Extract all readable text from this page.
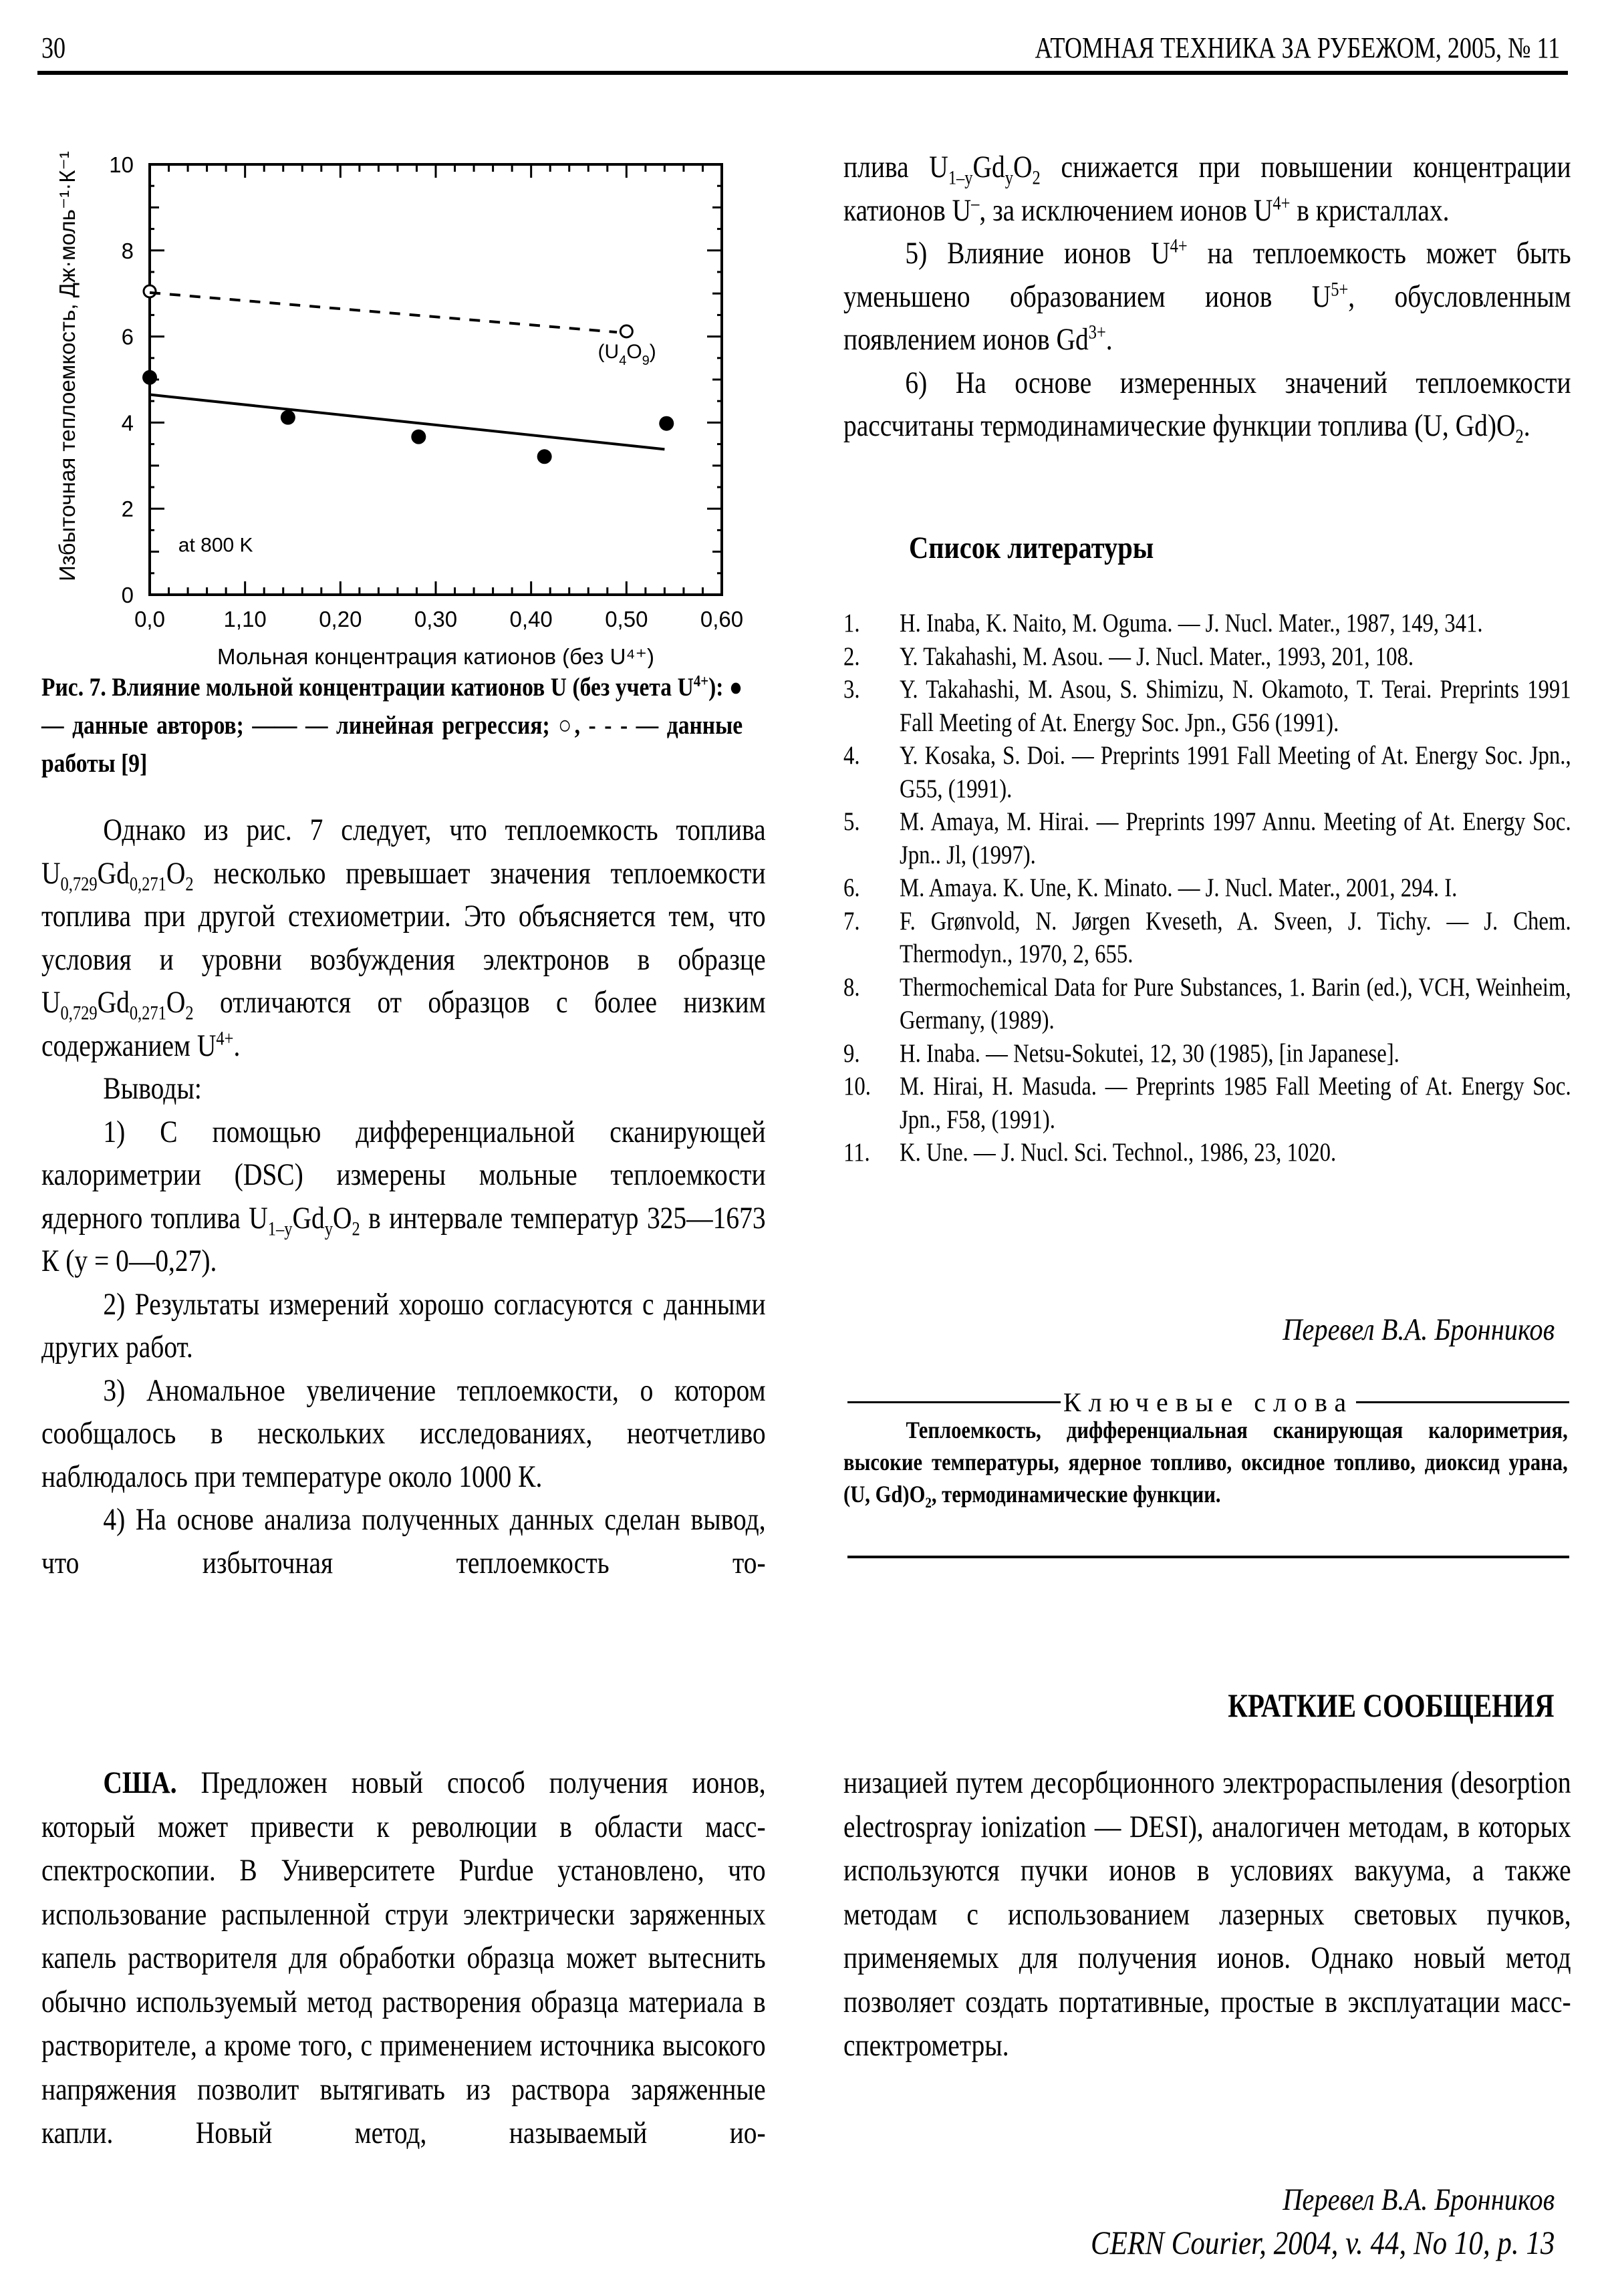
30	АТОМНАЯ ТЕХНИКА ЗА РУБЕЖОМ, 2005, № 11
0,0	1,10 0,20 0,30 0,40 0,50 0,60
0
2
4
6
8
10
Мольная концентрация катионов (без U⁴⁺)
Избыточная теплоемкость, Дж·моль⁻¹·К⁻¹	at 800 K
$(U_4O_9)$
Рис. 7. Влияние мольной концентрации катионов U (без учета $U^{4+}$): ● — данные авторов; —— — линейная регрессия; ○, - - - — данные работы [9]

Однако из рис. 7 следует, что теплоемкость топлива $U_{0,729}Gd_{0,271}O_2$ несколько превышает значения теплоемкости топлива при другой стехиометрии. Это объясняется тем, что условия и уровни возбуждения электронов в образце $U_{0,729}Gd_{0,271}O_2$ отличаются от образцов с более низким содержанием $U^{4+}$.

Выводы:

1) С помощью дифференциальной сканирующей калориметрии (DSC) измерены мольные теплоемкости ядерного топлива $U_{1-y}Gd_yO_2$ в интервале температур 325—1673 К (y = 0—0,27).

2) Результаты измерений хорошо согласуются с данными других работ.

3) Аномальное увеличение теплоемкости, о котором сообщалось в нескольких исследованиях, неотчетливо наблюдалось при температуре около 1000 К.

4) На основе анализа полученных данных сделан вывод, что избыточная теплоемкость то-

плива $U_{1-y}Gd_yO_2$ снижается при повышении концентрации катионов U–, за исключением ионов $U^{4+}$ в кристаллах.

5) Влияние ионов $U^{4+}$ на теплоемкость может быть уменьшено образованием ионов $U^{5+}$, обусловленным появлением ионов $Gd^{3+}$.

6) На основе измеренных значений теплоемкости рассчитаны термодинамические функции топлива (U, $Gd)O_2$.

Список литературы
1. H. Inaba, K. Naito, M. Oguma. — J. Nucl. Mater., 1987, 149, 341.
2. Y. Takahashi, M. Asou. — J. Nucl. Mater., 1993, 201, 108.
3. Y. Takahashi, M. Asou, S. Shimizu, N. Okamoto, T. Terai. Preprints 1991 Fall Meeting of At. Energy Soc. Jpn., G56 (1991).
4. Y. Kosaka, S. Doi. — Preprints 1991 Fall Meeting of At. Energy Soc. Jpn., G55, (1991).
5. M. Amaya, M. Hirai. — Preprints 1997 Annu. Meeting of At. Energy Soc. Jpn.. Jl, (1997).
6. M. Amaya. K. Une, K. Minato. — J. Nucl. Mater., 2001, 294. I.
7. F. Grønvold, N. Jørgen Kveseth, A. Sveen, J. Tichy. — J. Chem. Thermodyn., 1970, 2, 655.
8. Thermochemical Data for Pure Substances, 1. Barin (ed.), VCH, Weinheim, Germany, (1989).
9. H. Inaba. — Netsu-Sokutei, 12, 30 (1985), [in Japanese].
10. M. Hirai, H. Masuda. — Preprints 1985 Fall Meeting of At. Energy Soc. Jpn., F58, (1991).
11. K. Une. — J. Nucl. Sci. Technol., 1986, 23, 1020.
Перевел В.А. Бронников
Ключевые слова
Теплоемкость, дифференциальная сканирующая калориметрия, высокие температуры, ядерное топливо, оксидное топливо, диоксид урана, (U, $Gd)O_2$, термодинамические функции.
КРАТКИЕ СООБЩЕНИЯ

США. Предложен новый способ получения ионов, который может привести к революции в области масс-спектроскопии. В Университете Purdue установлено, что использование распыленной струи электрически заряженных капель растворителя для обработки образца может вытеснить обычно используемый метод растворения образца материала в растворителе, а кроме того, с применением источника высокого напряжения позволит вытягивать из раствора заряженные капли. Новый метод, называемый ио-

низацией путем десорбционного электрораспыления (desorption electrospray ionization — DESI), аналогичен методам, в которых используются пучки ионов в условиях вакуума, а также методам с использованием лазерных световых пучков, применяемых для получения ионов. Однако новый метод позволяет создать портативные, простые в эксплуатации масс-спектрометры.

Перевел В.А. Бронников
CERN Courier, 2004, v. 44, No 10, p. 13
